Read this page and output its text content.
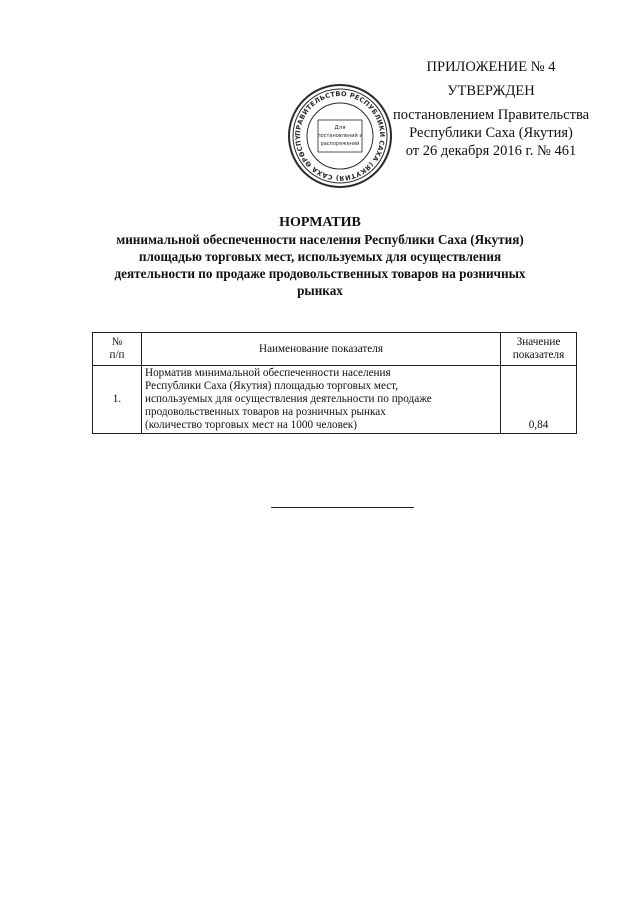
ПРИЛОЖЕНИЕ № 4
УТВЕРЖДЕН
постановлением Правительства
Республики Саха (Якутия)
от 26 декабря 2016 г. № 461
ПРАВИТЕЛЬСТВО РЕСПУБЛИКИ САХА (ЯКУТИЯ) САХА ӨРӨСПҮ
Для
постановлений и
распоряжений
НОРМАТИВ
минимальной обеспеченности населения Республики Саха (Якутия)
площадью торговых мест, используемых для осуществления
деятельности по продаже продовольственных товаров на розничных
рынках
№
п/п	Наименование показателя	Значение
показателя
1.	Норматив минимальной обеспеченности населения
Республики Саха (Якутия) площадью торговых мест,
используемых для осуществления деятельности по продаже
продовольственных товаров на розничных рынках
(количество торговых мест на 1000 человек)	0,84
